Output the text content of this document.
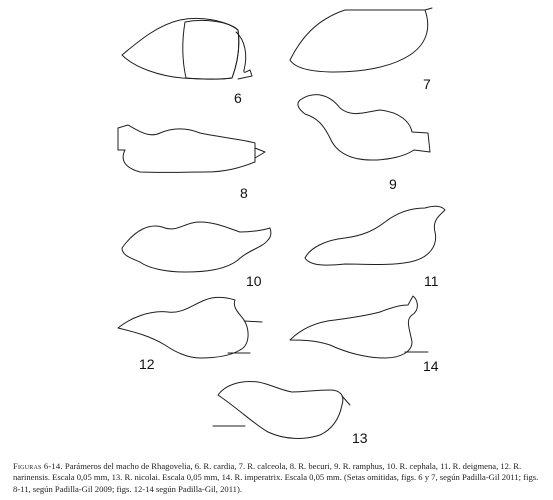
6
7
8
9
10	11
12	14
13
Figuras 6-14. Parámeros del macho de Rhagovelia, 6. R. cardia, 7. R. calceola, 8. R. becuri, 9. R. ramphus, 10. R. cephala, 11. R. deigmena, 12. R. narinensis. Escala 0,05 mm, 13. R. nicolai. Escala 0,05 mm, 14. R. imperatrix. Escala 0,05 mm. (Setas omitidas, figs. 6 y 7, según Padilla-Gil 2011; figs. 8-11, según Padilla-Gil 2009; figs. 12-14 según Padilla-Gil, 2011).
